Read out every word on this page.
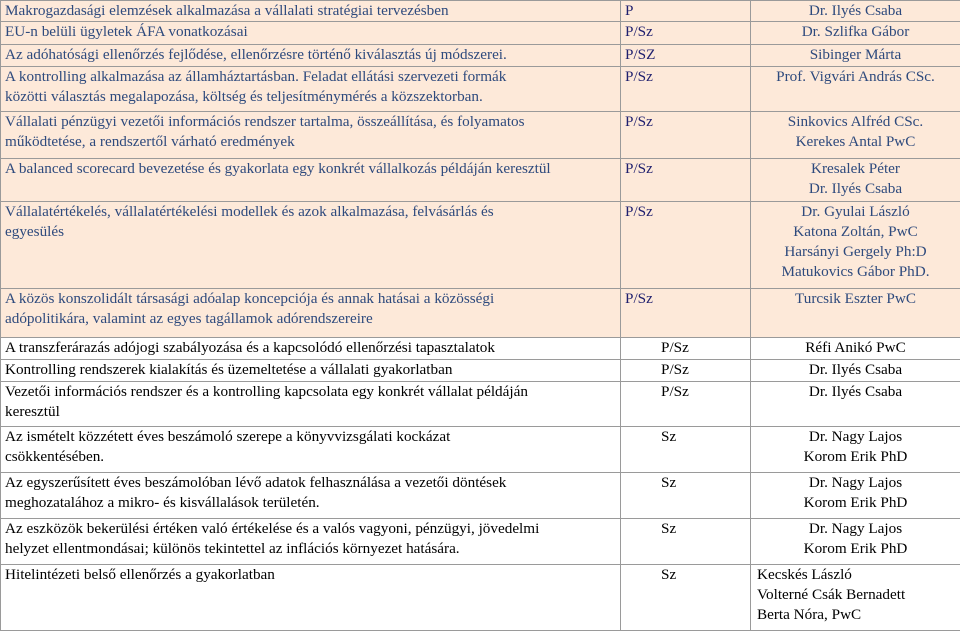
Makrogazdasági elemzések alkalmazása a vállalati stratégiai tervezésben	P	Dr. Ilyés Csaba

EU-n belüli ügyletek ÁFA vonatkozásai	P/Sz	Dr. Szlifka Gábor

Az adóhatósági ellenőrzés fejlődése, ellenőrzésre történő kiválasztás új módszerei.	P/SZ	Sibinger Márta

A kontrolling alkalmazása az államháztartásban. Feladat ellátási szervezeti formák
közötti választás megalapozása, költség és teljesítménymérés a közszektorban.	P/Sz	Prof. Vigvári András CSc.

Vállalati pénzügyi vezetői információs rendszer tartalma, összeállítása, és folyamatos
működtetése, a rendszertől várható eredmények	P/Sz	Sinkovics Alfréd CSc.
Kerekes Antal PwC

A balanced scorecard bevezetése és gyakorlata egy konkrét vállalkozás példáján keresztül	P/Sz	Kresalek Péter
Dr. Ilyés Csaba

Vállalatértékelés, vállalatértékelési modellek és azok alkalmazása, felvásárlás és
egyesülés	P/Sz	Dr. Gyulai László
Katona Zoltán, PwC
Harsányi Gergely Ph:D
Matukovics Gábor PhD.

A közös konszolidált társasági adóalap koncepciója és annak hatásai a közösségi
adópolitikára, valamint az egyes tagállamok adórendszereire	P/Sz	Turcsik Eszter PwC

A transzferárazás adójogi szabályozása és a kapcsolódó ellenőrzési tapasztalatok	P/Sz	Réfi Anikó PwC

Kontrolling rendszerek kialakítás és üzemeltetése a vállalati gyakorlatban	P/Sz	Dr. Ilyés Csaba

Vezetői információs rendszer és a kontrolling kapcsolata egy konkrét vállalat példáján
keresztül	P/Sz	Dr. Ilyés Csaba

Az ismételt közzétett éves beszámoló szerepe a könyvvizsgálati kockázat
csökkentésében.	Sz	Dr. Nagy Lajos
Korom Erik PhD

Az egyszerűsített éves beszámolóban lévő adatok felhasználása a vezetői döntések
meghozatalához a mikro- és kisvállalások területén.	Sz	Dr. Nagy Lajos
Korom Erik PhD

Az eszközök bekerülési értéken való értékelése és a valós vagyoni, pénzügyi, jövedelmi
helyzet ellentmondásai; különös tekintettel az inflációs környezet hatására.	Sz	Dr. Nagy Lajos
Korom Erik PhD

Hitelintézeti belső ellenőrzés a gyakorlatban	Sz	Kecskés László
Volterné Csák Bernadett
Berta Nóra, PwC
